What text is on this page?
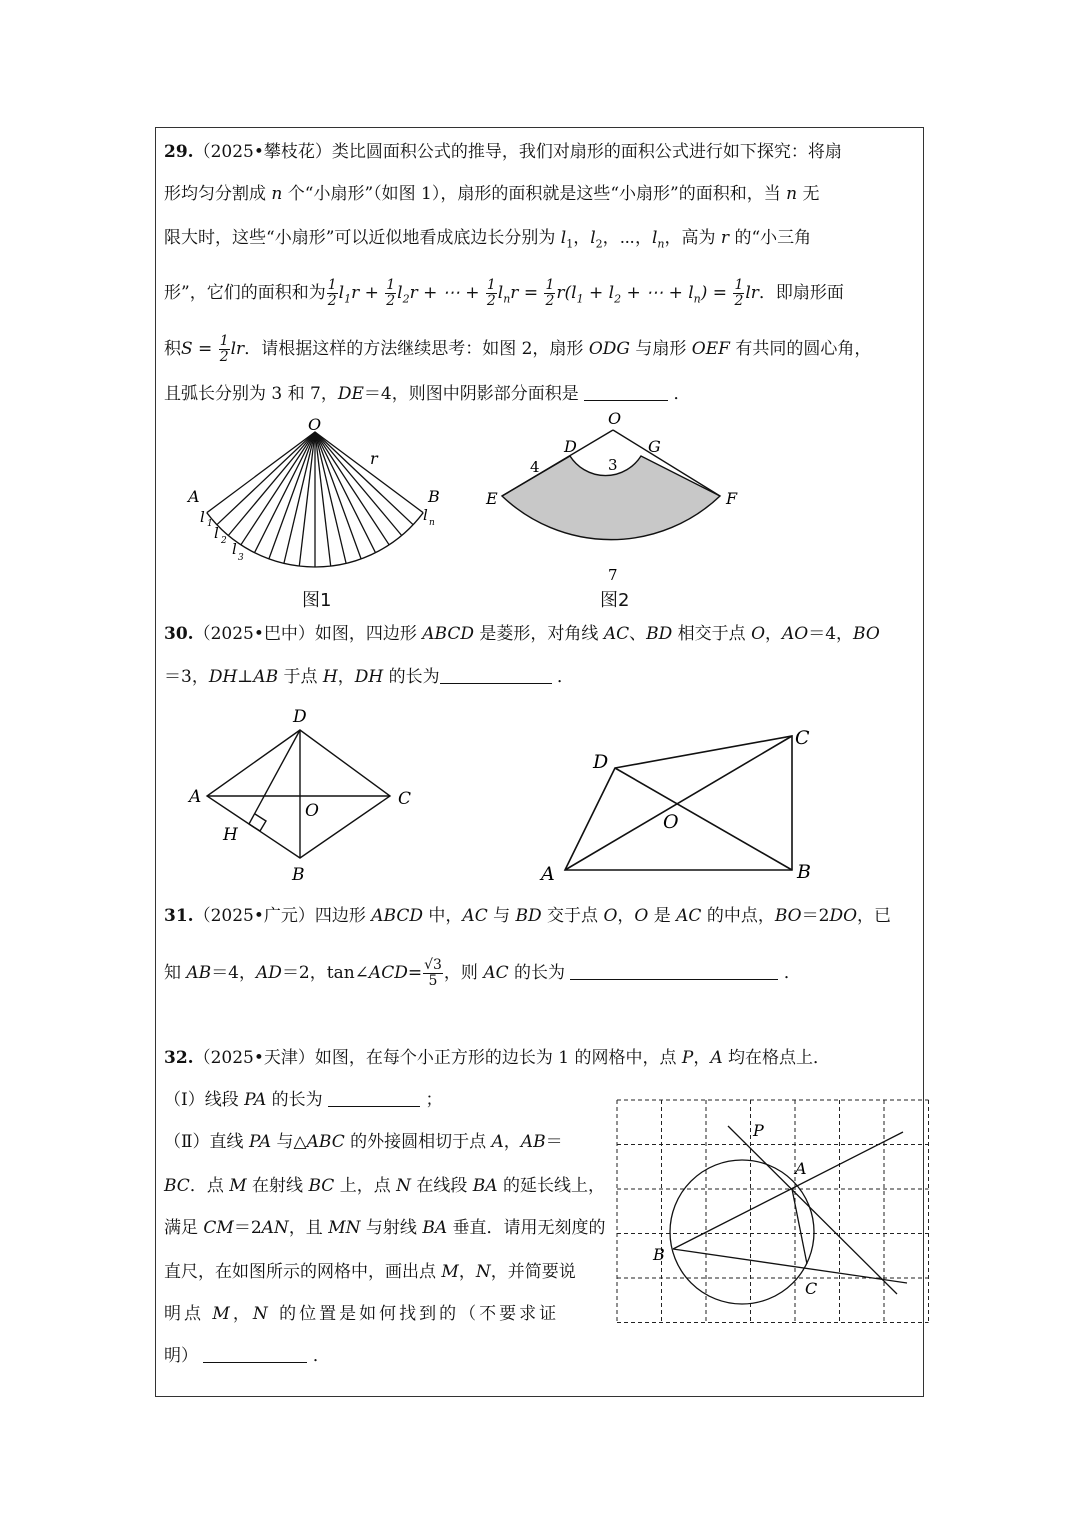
29.（2025•攀枝花）类比圆面积公式的推导，我们对扇形的面积公式进行如下探究：将扇
形均匀分割成 n 个“小扇形”（如图 1），扇形的面积就是这些“小扇形”的面积和，当 n 无
限大时，这些“小扇形”可以近似地看成底边长分别为 $l_1$，$l_2$，⋯，$l_n$，高为 r 的“小三角
形”，它们的面积和为 $\frac{1}{2} l_1r + \frac{1}{2} l_2r$ + ⋯ + $\frac{1}{2} l_nr = \frac{1}{2} r(l_1 + l_2$ + ⋯ + $l_n) = \frac{1}{2}$ lr．即扇形面
积$S = \frac{1}{2}$ lr．请根据这样的方法继续思考：如图 2，扇形 ODG 与扇形 OEF 有共同的圆心角，
且弧长分别为 3 和 7，DE＝4，则图中阴影部分面积是	．
O
r
A	B
l 1 l 2 l 3
l n
图1
O
D	G
3
4
E	F
7
图2
30.（2025•巴中）如图，四边形 ABCD 是菱形，对角线 AC、BD 相交于点 O，AO＝4，BO
＝3，DH⊥AB 于点 H，DH 的长为	．
D
A
O
C
H
B
D
C
O
A	B
31.（2025•广元）四边形 ABCD 中，AC 与 BD 交于点 O，O 是 AC 的中点，BO＝2DO，已
知 AB＝4，AD＝2，tan∠ACD= $\frac{√3}{5}$ ，则 AC 的长为	．
32.（2025•天津）如图，在每个小正方形的边长为 1 的网格中，点 P，A 均在格点上．
（Ⅰ）线段 PA 的长为	；
（Ⅱ）直线 PA 与△ABC 的外接圆相切于点 A，AB＝
BC．点 M 在射线 BC 上，点 N 在线段 BA 的延长线上，
满足 CM＝2AN，且 MN 与射线 BA 垂直．请用无刻度的
直尺，在如图所示的网格中，画出点 M，N，并简要说
明点 M，N 的位置是如何找到的（不要求证
明）	．
P
A
B
C
